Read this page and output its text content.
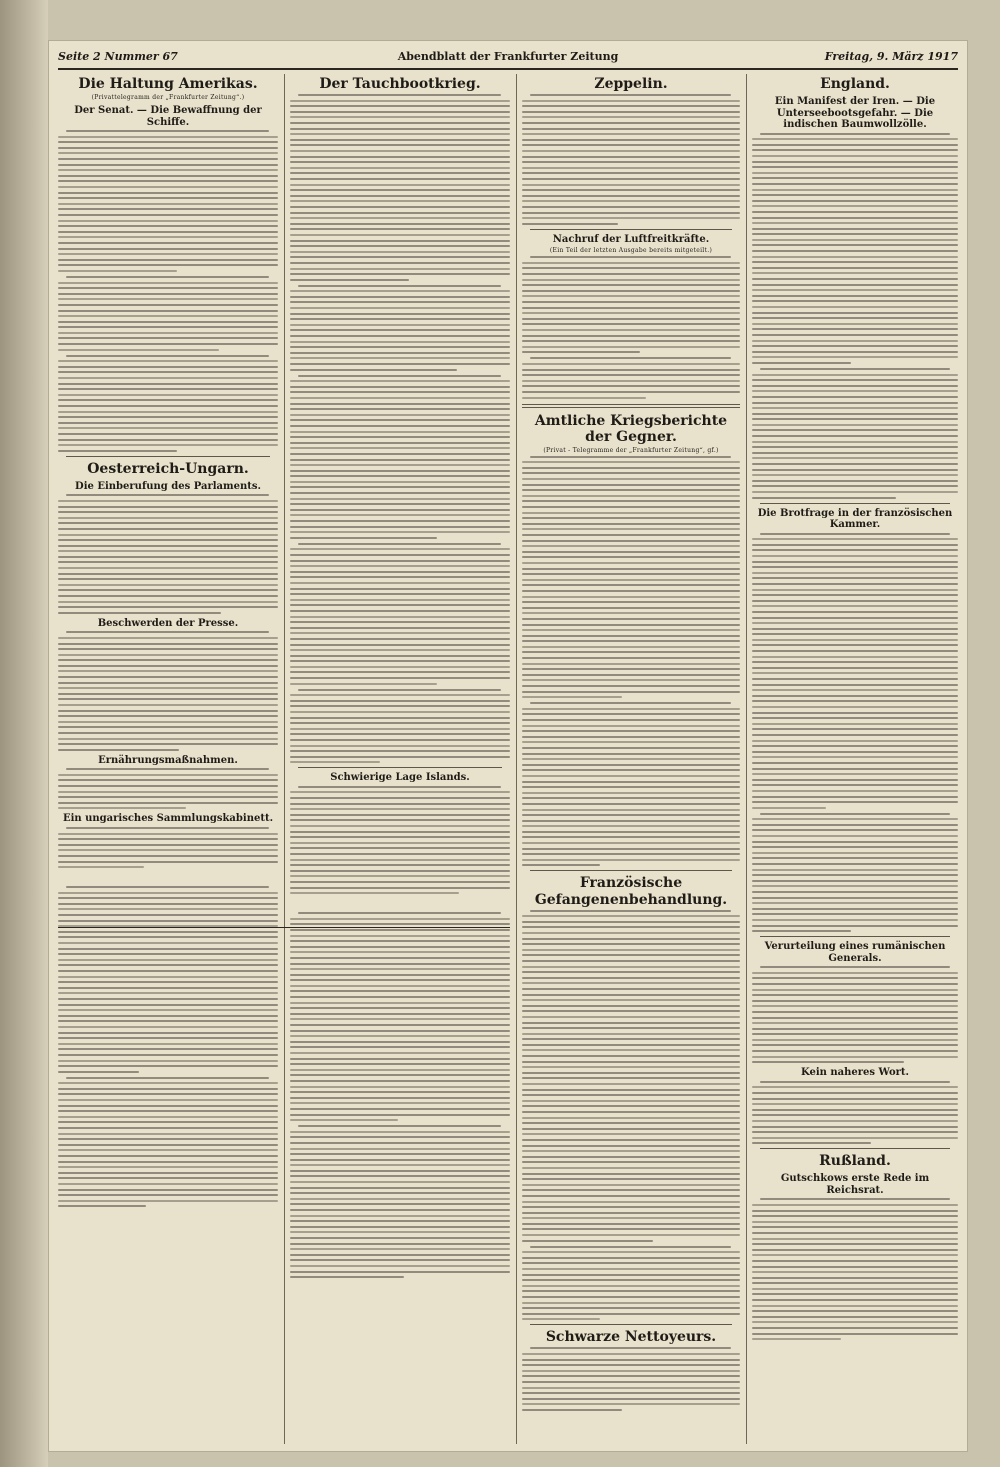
Seite 2 Nummer 67	Abendblatt der Frankfurter Zeitung	Freitag, 9. März 1917
Die Haltung Amerikas.
(Privattelegramm der „Frankfurter Zeitung“.)
Der Senat. — Die Bewaffnung der Schiffe.
Oesterreich-Ungarn.
Die Einberufung des Parlaments.
Beschwerden der Presse.
Ernährungsmaßnahmen.
Ein ungarisches Sammlungskabinett.
Der Tauchbootkrieg.
Schwierige Lage Islands.
Zeppelin.
Nachruf der Luftfreitkräfte.
(Ein Teil der letzten Ausgabe bereits mitgeteilt.)
Amtliche Kriegsberichte der Gegner.
(Privat - Telegramme der „Frankfurter Zeitung“, gf.)
Französische Gefangenenbehandlung.
Schwarze Nettoyeurs.
England.
Ein Manifest der Iren. — Die Unterseebootsgefahr. — Die indischen Baumwollzölle.
Die Brotfrage in der französischen Kammer.
Verurteilung eines rumänischen Generals.
Kein naheres Wort.
Rußland.
Gutschkows erste Rede im Reichsrat.
